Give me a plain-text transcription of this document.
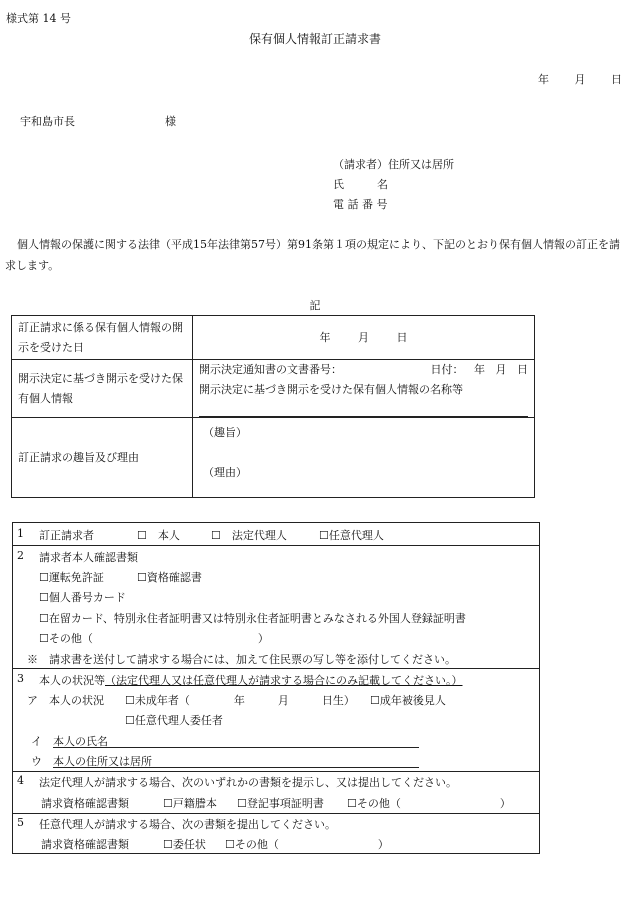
様式第 14 号
保有個人情報訂正請求書
年 月 日
宇和島市長	様
（請求者）住所又は居所
氏　　　名
電 話 番 号
個人情報の保護に関する法律（平成15年法律第57号）第91条第１項の規定により、下記のとおり保有個人情報の訂正を請求します。
記
訂正請求に係る保有個人情報の開示を受けた日	年 月 日
開示決定に基づき開示を受けた保有個人情報	開示決定通知書の文書番号： 日付： 年 月 日
開示決定に基づき開示を受けた保有個人情報の名称等

訂正請求の趣旨及び理由	（趣旨）
（理由）
1 訂正請求者	☐ 　本人	☐ 　法定代理人	☐ 任意代理人
2 請求者本人確認書類
☐ 運転免許証	☐ 資格確認書
☐ 個人番号カード
☐ 在留カード、特別永住者証明書又は特別永住者証明書とみなされる外国人登録証明書
☐ その他（　　　　　　　　　　　　　　　）
※　請求書を送付して請求する場合には、加えて住民票の写し等を添付してください。
3 本人の状況等（法定代理人又は任意代理人が請求する場合にのみ記載してください。）
ア　本人の状況	☐ 未成年者（　　　　年　　　月　　　日生）	☐ 成年被後見人
☐ 任意代理人委任者
イ 本人の氏名
ウ 本人の住所又は居所
4 法定代理人が請求する場合、次のいずれかの書類を提示し、又は提出してください。
請求資格確認書類	☐ 戸籍謄本	☐ 登記事項証明書	☐ その他（　　　　　　　　　）
5 任意代理人が請求する場合、次の書類を提出してください。
請求資格確認書類	☐ 委任状	☐ その他（　　　　　　　　　）
